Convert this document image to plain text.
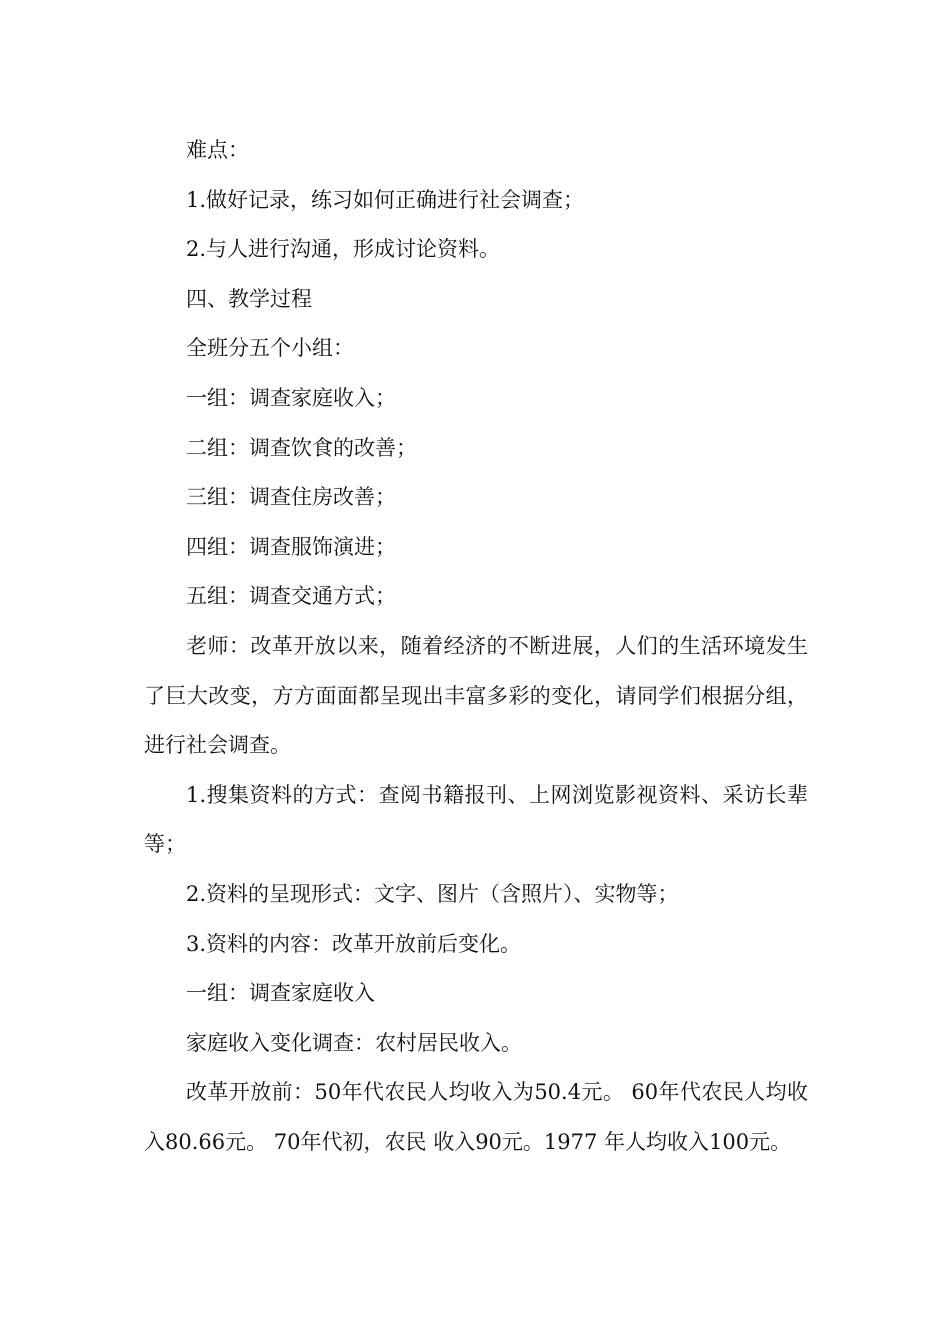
难点：

1.做好记录，练习如何正确进行社会调查；

2.与人进行沟通，形成讨论资料。

四、教学过程

全班分五个小组：

一组：调查家庭收入；

二组：调查饮食的改善；

三组：调查住房改善；

四组：调查服饰演进；

五组：调查交通方式；

老师：改革开放以来，随着经济的不断进展，人们的生活环境发生了巨大改变，方方面面都呈现出丰富多彩的变化，请同学们根据分组，进行社会调查。

1.搜集资料的方式：查阅书籍报刊、上网浏览影视资料、采访长辈等；

2.资料的呈现形式：文字、图片（含照片）、实物等；

3.资料的内容：改革开放前后变化。

一组：调查家庭收入

家庭收入变化调查：农村居民收入。

改革开放前：50年代农民人均收入为50.4元。 60年代农民人均收入80.66元。 70年代初，农民 收入90元。1977 年人均收入100元。
